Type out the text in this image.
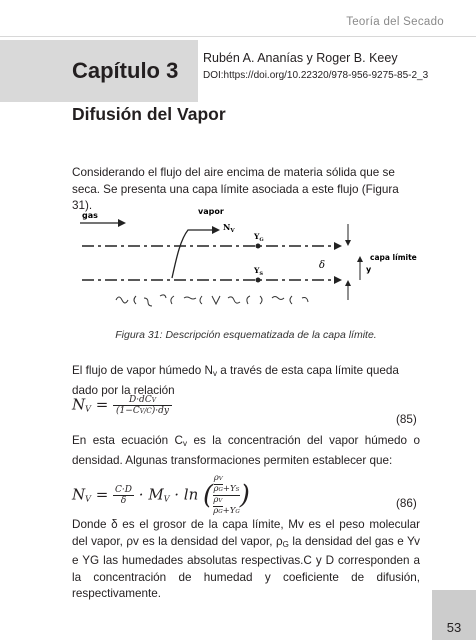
Teoría del Secado
Capítulo 3 Rubén A. Ananías y Roger B. Keey
DOI:https://doi.org/10.22320/978-956-9275-85-2_3
Difusión del Vapor
Considerando el flujo del aire encima de materia sólida que se seca. Se presenta una capa límite asociada a este flujo (Figura 31).
gas	vapor
$N_V$
$Y_G$
$Y_S$
δ	y
capa límite
Figura 31: Descripción esquematizada de la capa límite.
El flujo de vapor húmedo $N_v$ a través de esta capa límite queda dado por la relación
$N_V$ =	D·dCV
(1−CV/C)·dy
(85)
En esta ecuación $C_v$ es la concentración del vapor húmedo o densidad. Algunas transformaciones permiten establecer que:
$N_V = \frac{C\cdot D}{\delta} \cdot M_V \cdot \ln$ ( $\frac{\rho V}{\rho G} +YS$
$\frac{\rho V}{\rho G} +YG$
)	(86)
Donde δ es el grosor de la capa límite, Mv es el peso molecular del vapor, ρv es la densidad del vapor, $\rho_G$ la densidad del gas e Yv e YG las humedades absolutas respectivas.C y D corresponden a la concentración de humedad y coeficiente de difusión, respectivamente.
53
